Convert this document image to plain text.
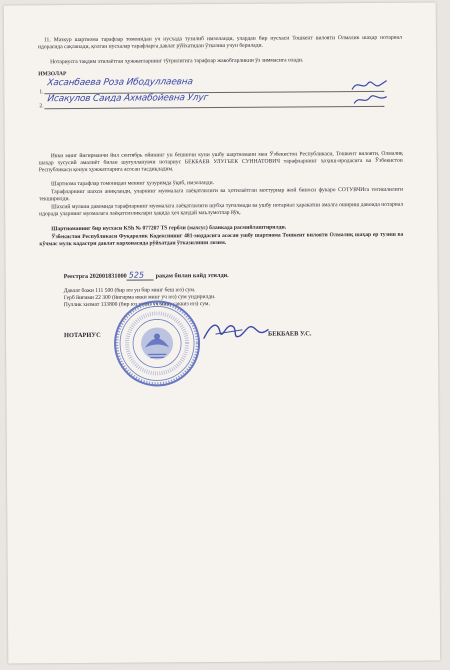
11. Мазкур шартнома тарафлар томонидан уч нусхада тузилиб имзоланди, улардан бир нусхаси Тошкент вилояти Олмалик шаҳар нотариал идорасида сақланади, қолган нусхалар тарафларга давлат рўйхатидан ўтказиш учун берилади.

Нотариусга тақдим этилаётган ҳужжатларнинг тўғрилигига тарафлар жавобгарликни ўз зиммасига олади.

ИМЗОЛАР

1.
Хасанбаева Роза Ибодуллаевна
2.
Исакулов Саида Ахмабойевна Улуг

Икки минг йигирманчи йил сентябрь ойининг ун бешинчи куни ушбу шартномани мен Ўзбекистон Республикаси, Тошкент вилояти, Олмалиқ шаҳар хусусий амалиёт билан шуғулланувчи нотариус БЕКБАЕВ УЛУГБЕК СУННАТОВИЧ тарафларнинг ҳоҳиш-иродасига ва Ўзбекистон Республикаси қонун ҳужжатларига асосан тасдиқладим.

Шартнома тарафлар томонидан менинг ҳузуримда ўқиб, имзоланди.

Тарафларнинг шахси аниқланди, уларнинг муомалага лаёқатлилиги ва ҳотилаётган моттуриар жой биноси фукаро СОТУВЧИга тегишлилиги текширилди.

Шахсий мулкни давомида тарафларнинг муомалага лаёқатлилиги шубҳа туғилмади ва ушбу нотариал ҳаракатни амалга ошириш давоида нотариал идорада уларнинг муомалага лаёқатсизликлари ҳақида ҳеч қандай маълумотлар йўқ.

Шартноманинг бир нусхаси KSh № 077207 TS гербли (махсус) бланкада расмийлаштирилди.

Ўзбекистон Республикаси Фуқаролик Кодексининг 481-моддасига асосан ушбу шартнома Тошкент вилояти Олмалиқ шаҳар ер тузиш ва кўчмас мулк кадастри давлат корхонасида рўйхатдан ўтказилиши лозим.

Реестрга 202001831000 525 рақам билан кайд этилди.

Давлат божи 111 500 (бир юз ун бир минг беш юз) сум.

Герб йиғими 22 300 (йигирма икки минг уч юз) сум ундирилди.

Пуллик хизмат 133800 (бир юз уттиз уч минг саккиз юз) сум.

НОТАРИУС	БЕКБАЕВ У.С.
